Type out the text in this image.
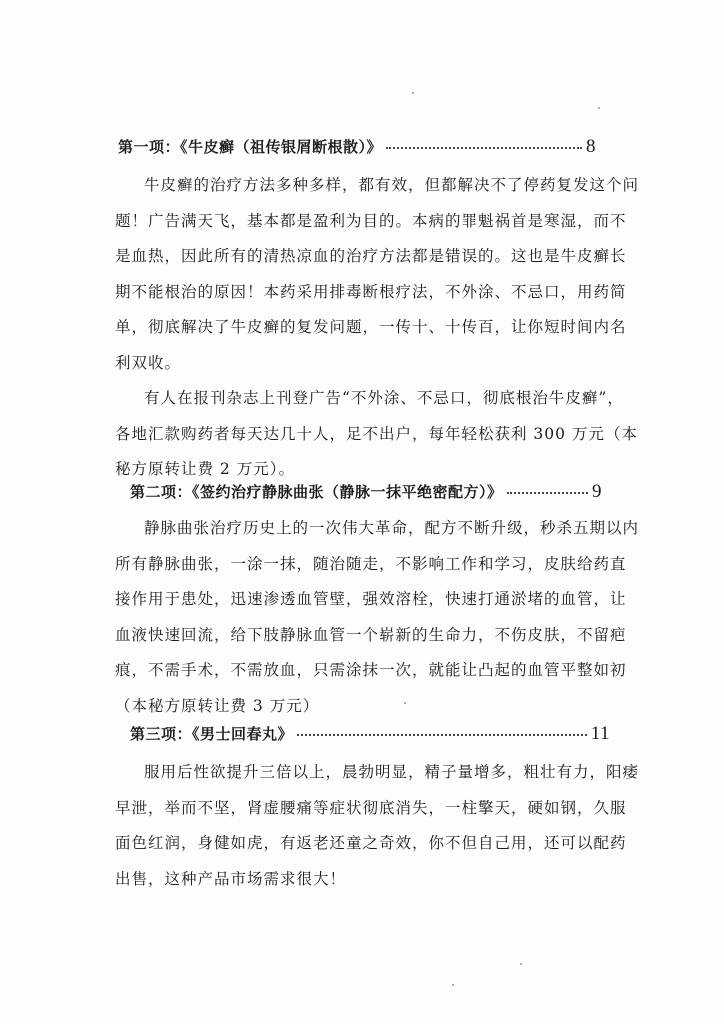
第一项：《牛皮癣（祖传银屑断根散）》	8
牛皮癣的治疗方法多种多样，都有效，但都解决不了停药复发这个问
题！广告满天飞，基本都是盈利为目的。本病的罪魁祸首是寒湿，而不
是血热，因此所有的清热凉血的治疗方法都是错误的。这也是牛皮癣长
期不能根治的原因！本药采用排毒断根疗法，不外涂、不忌口，用药简
单，彻底解决了牛皮癣的复发问题，一传十、十传百，让你短时间内名
利双收。
有人在报刊杂志上刊登广告“不外涂、不忌口，彻底根治牛皮癣”，
各地汇款购药者每天达几十人，足不出户，每年轻松获利 300 万元（本
秘方原转让费 2 万元）。
第二项：《签约治疗静脉曲张（静脉一抹平绝密配方）》	9
静脉曲张治疗历史上的一次伟大革命，配方不断升级，秒杀五期以内
所有静脉曲张，一涂一抹，随治随走，不影响工作和学习，皮肤给药直
接作用于患处，迅速渗透血管壁，强效溶栓，快速打通淤堵的血管，让
血液快速回流，给下肢静脉血管一个崭新的生命力，不伤皮肤，不留疤
痕，不需手术，不需放血，只需涂抹一次，就能让凸起的血管平整如初
（本秘方原转让费 3 万元）
第三项：《男士回春丸》	11
服用后性欲提升三倍以上，晨勃明显，精子量增多，粗壮有力，阳痿
早泄，举而不坚，肾虚腰痛等症状彻底消失，一柱擎天，硬如钢，久服
面色红润，身健如虎，有返老还童之奇效，你不但自己用，还可以配药
出售，这种产品市场需求很大！
